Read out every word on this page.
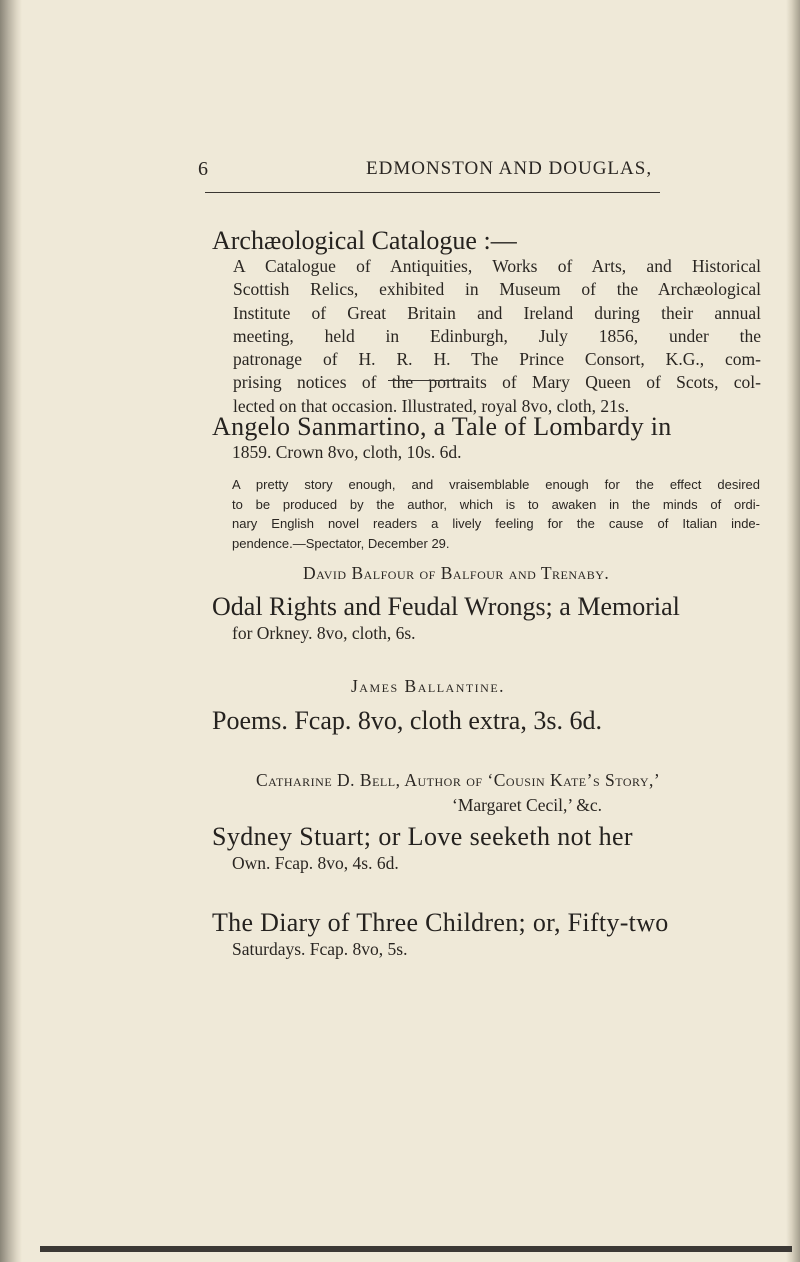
6	EDMONSTON AND DOUGLAS,
Archæological Catalogue :—
A Catalogue of Antiquities, Works of Arts, and Historical
Scottish Relics, exhibited in Museum of the Archæological
Institute of Great Britain and Ireland during their annual
meeting, held in Edinburgh, July 1856, under the
patronage of H. R. H. The Prince Consort, K.G., com-
prising notices of the portraits of Mary Queen of Scots, col-
lected on that occasion. Illustrated, royal 8vo, cloth, 21s.
Angelo Sanmartino, a Tale of Lombardy in
1859. Crown 8vo, cloth, 10s. 6d.
A pretty story enough, and vraisemblable enough for the effect desired
to be produced by the author, which is to awaken in the minds of ordi-
nary English novel readers a lively feeling for the cause of Italian inde-
pendence.—Spectator, December 29.
David Balfour of Balfour and Trenaby.
Odal Rights and Feudal Wrongs; a Memorial
for Orkney. 8vo, cloth, 6s.
James Ballantine.
Poems. Fcap. 8vo, cloth extra, 3s. 6d.
Catharine D. Bell, Author of ‘Cousin Kate’s Story,’
‘Margaret Cecil,’ &c.
Sydney Stuart; or Love seeketh not her
Own. Fcap. 8vo, 4s. 6d.
The Diary of Three Children; or, Fifty-two
Saturdays. Fcap. 8vo, 5s.
